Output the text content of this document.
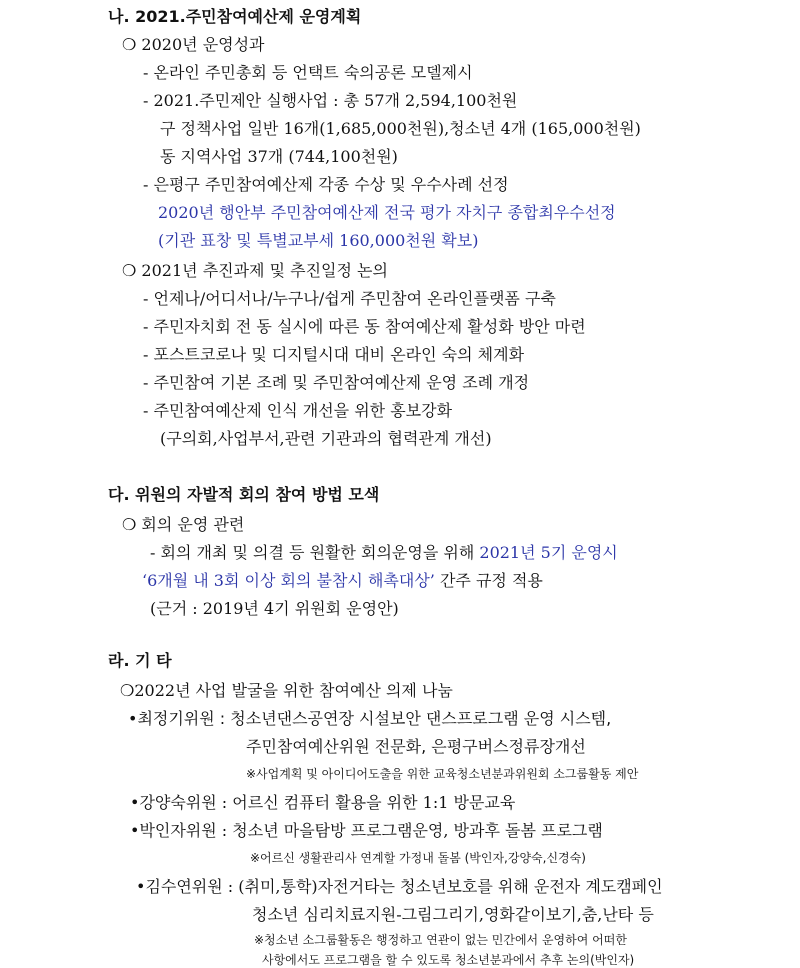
나. 2021.주민참여예산제 운영계획
❍ 2020년 운영성과
- 온라인 주민총회 등 언택트 숙의공론 모델제시
- 2021.주민제안 실행사업 : 총 57개 2,594,100천원
구 정책사업 일반 16개(1,685,000천원),청소년 4개 (165,000천원)
동 지역사업 37개 (744,100천원)
- 은평구 주민참여예산제 각종 수상 및 우수사례 선정
2020년 행안부 주민참여예산제 전국 평가 자치구 종합최우수선정
(기관 표창 및 특별교부세 160,000천원 확보)
❍ 2021년 추진과제 및 추진일정 논의
- 언제나/어디서나/누구나/쉽게 주민참여 온라인플랫폼 구축
- 주민자치회 전 동 실시에 따른 동 참여예산제 활성화 방안 마련
- 포스트코로나 및 디지털시대 대비 온라인 숙의 체계화
- 주민참여 기본 조례 및 주민참여예산제 운영 조례 개정
- 주민참여예산제 인식 개선을 위한 홍보강화
(구의회,사업부서,관련 기관과의 협력관계 개선)
다. 위원의 자발적 회의 참여 방법 모색
❍ 회의 운영 관련
- 회의 개최 및 의결 등 원활한 회의운영을 위해 2021년 5기 운영시
‘6개월 내 3회 이상 회의 불참시 해촉대상’ 간주 규정 적용
(근거 : 2019년 4기 위원회 운영안)
라. 기 타
❍2022년 사업 발굴을 위한 참여예산 의제 나눔
•최정기위원 : 청소년댄스공연장 시설보안 댄스프로그램 운영 시스템,
주민참여예산위원 전문화, 은평구버스정류장개선
※사업계획 및 아이디어도출을 위한 교육청소년분과위원회 소그룹활동 제안
•강양숙위원 : 어르신 컴퓨터 활용을 위한 1:1 방문교육
•박인자위원 : 청소년 마을탐방 프로그램운영, 방과후 돌봄 프로그램
※어르신 생활관리사 연계할 가정내 돌봄 (박인자,강양숙,신경숙)
•김수연위원 : (취미,통학)자전거타는 청소년보호를 위해 운전자 계도캠페인
청소년 심리치료지원-그림그리기,영화같이보기,춤,난타 등
※청소년 소그룹활동은 행정하고 연관이 없는 민간에서 운영하여 어떠한
사항에서도 프로그램을 할 수 있도록 청소년분과에서 추후 논의(박인자)
